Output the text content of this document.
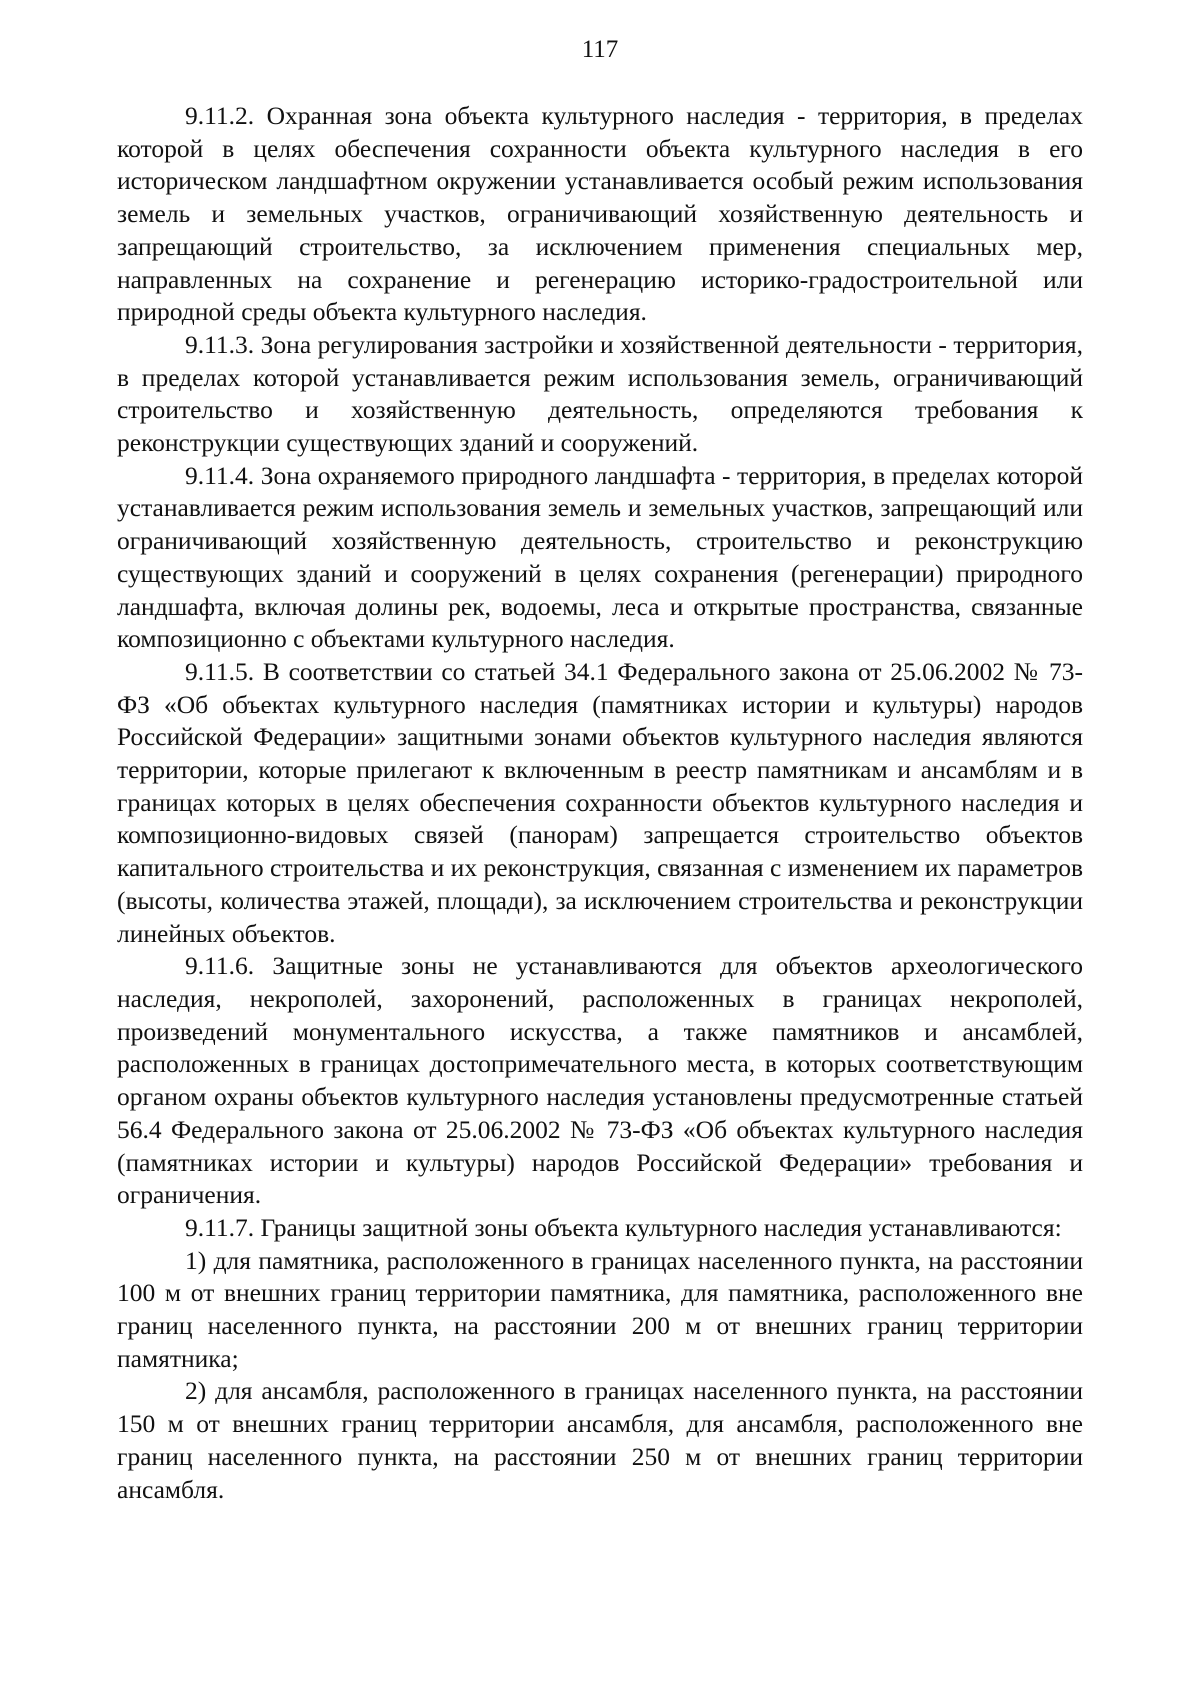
117

9.11.2. Охранная зона объекта культурного наследия - территория, в пределах которой в целях обеспечения сохранности объекта культурного наследия в его историческом ландшафтном окружении устанавливается особый режим использования земель и земельных участков, ограничивающий хозяйственную деятельность и запрещающий строительство, за исключением применения специальных мер, направленных на сохранение и регенерацию историко-градостроительной или природной среды объекта культурного наследия.

9.11.3. Зона регулирования застройки и хозяйственной деятельности - территория, в пределах которой устанавливается режим использования земель, ограничивающий строительство и хозяйственную деятельность, определяются требования к реконструкции существующих зданий и сооружений.

9.11.4. Зона охраняемого природного ландшафта - территория, в пределах которой устанавливается режим использования земель и земельных участков, запрещающий или ограничивающий хозяйственную деятельность, строительство и реконструкцию существующих зданий и сооружений в целях сохранения (регенерации) природного ландшафта, включая долины рек, водоемы, леса и открытые пространства, связанные композиционно с объектами культурного наследия.

9.11.5. В соответствии со статьей 34.1 Федерального закона от 25.06.2002 № 73-ФЗ «Об объектах культурного наследия (памятниках истории и культуры) народов Российской Федерации» защитными зонами объектов культурного наследия являются территории, которые прилегают к включенным в реестр памятникам и ансамблям и в границах которых в целях обеспечения сохранности объектов культурного наследия и композиционно-видовых связей (панорам) запрещается строительство объектов капитального строительства и их реконструкция, связанная с изменением их параметров (высоты, количества этажей, площади), за исключением строительства и реконструкции линейных объектов.

9.11.6. Защитные зоны не устанавливаются для объектов археологического наследия, некрополей, захоронений, расположенных в границах некрополей, произведений монументального искусства, а также памятников и ансамблей, расположенных в границах достопримечательного места, в которых соответствующим органом охраны объектов культурного наследия установлены предусмотренные статьей 56.4 Федерального закона от 25.06.2002 № 73-ФЗ «Об объектах культурного наследия (памятниках истории и культуры) народов Российской Федерации» требования и ограничения.

9.11.7. Границы защитной зоны объекта культурного наследия устанавливаются:

1) для памятника, расположенного в границах населенного пункта, на расстоянии 100 м от внешних границ территории памятника, для памятника, расположенного вне границ населенного пункта, на расстоянии 200 м от внешних границ территории памятника;

2) для ансамбля, расположенного в границах населенного пункта, на расстоянии 150 м от внешних границ территории ансамбля, для ансамбля, расположенного вне границ населенного пункта, на расстоянии 250 м от внешних границ территории ансамбля.
